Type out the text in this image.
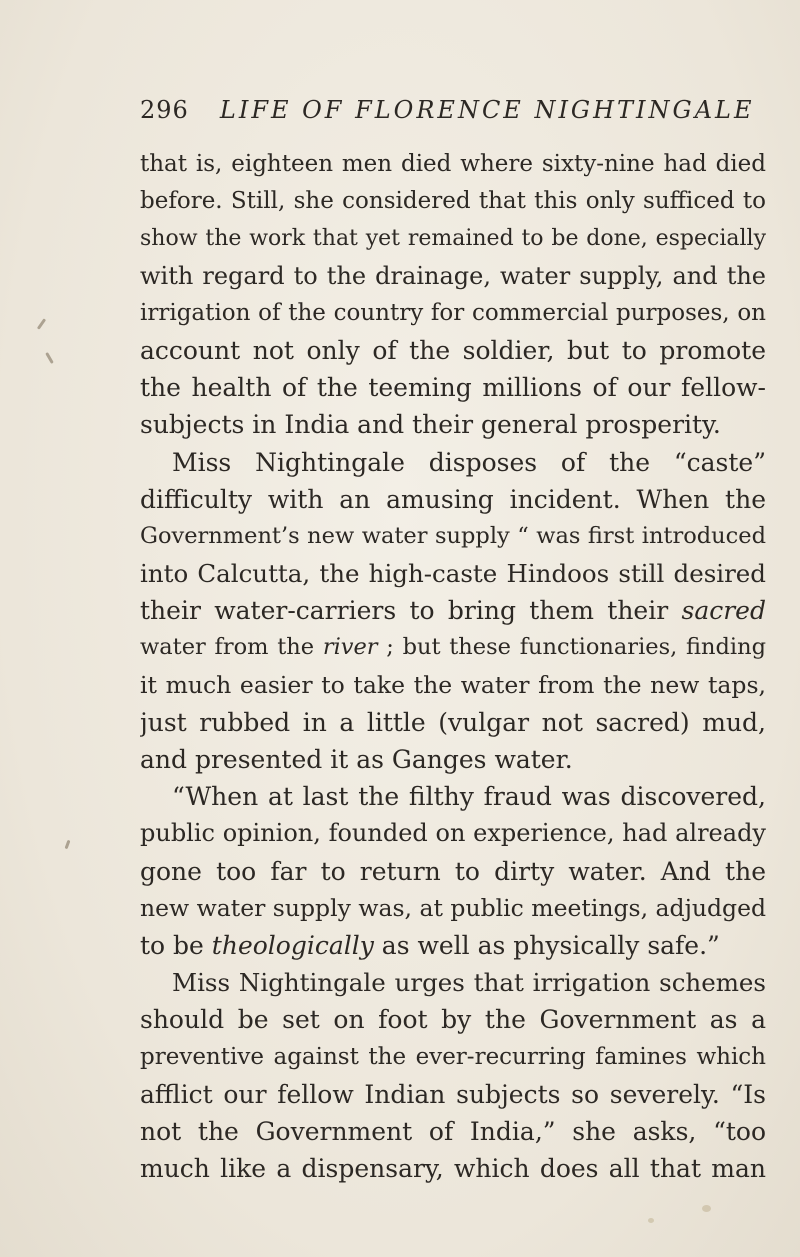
296 LIFE OF FLORENCE NIGHTINGALE
that is, eighteen men died where sixty-nine had died
before. Still, she considered that this only sufficed to
show the work that yet remained to be done, especially
with regard to the drainage, water supply, and the
irrigation of the country for commercial purposes, on
account not only of the soldier, but to promote
the health of the teeming millions of our fellow-
subjects in India and their general prosperity.
Miss Nightingale disposes of the “caste”
difficulty with an amusing incident. When the
Government’s new water supply “ was first introduced
into Calcutta, the high-caste Hindoos still desired
their water-carriers to bring them their sacred
water from the river ; but these functionaries, finding
it much easier to take the water from the new taps,
just rubbed in a little (vulgar not sacred) mud,
and presented it as Ganges water.
“When at last the filthy fraud was discovered,
public opinion, founded on experience, had already
gone too far to return to dirty water. And the
new water supply was, at public meetings, adjudged
to be theologically as well as physically safe.”
Miss Nightingale urges that irrigation schemes
should be set on foot by the Government as a
preventive against the ever-recurring famines which
afflict our fellow Indian subjects so severely. “Is
not the Government of India,” she asks, “too
much like a dispensary, which does all that man
